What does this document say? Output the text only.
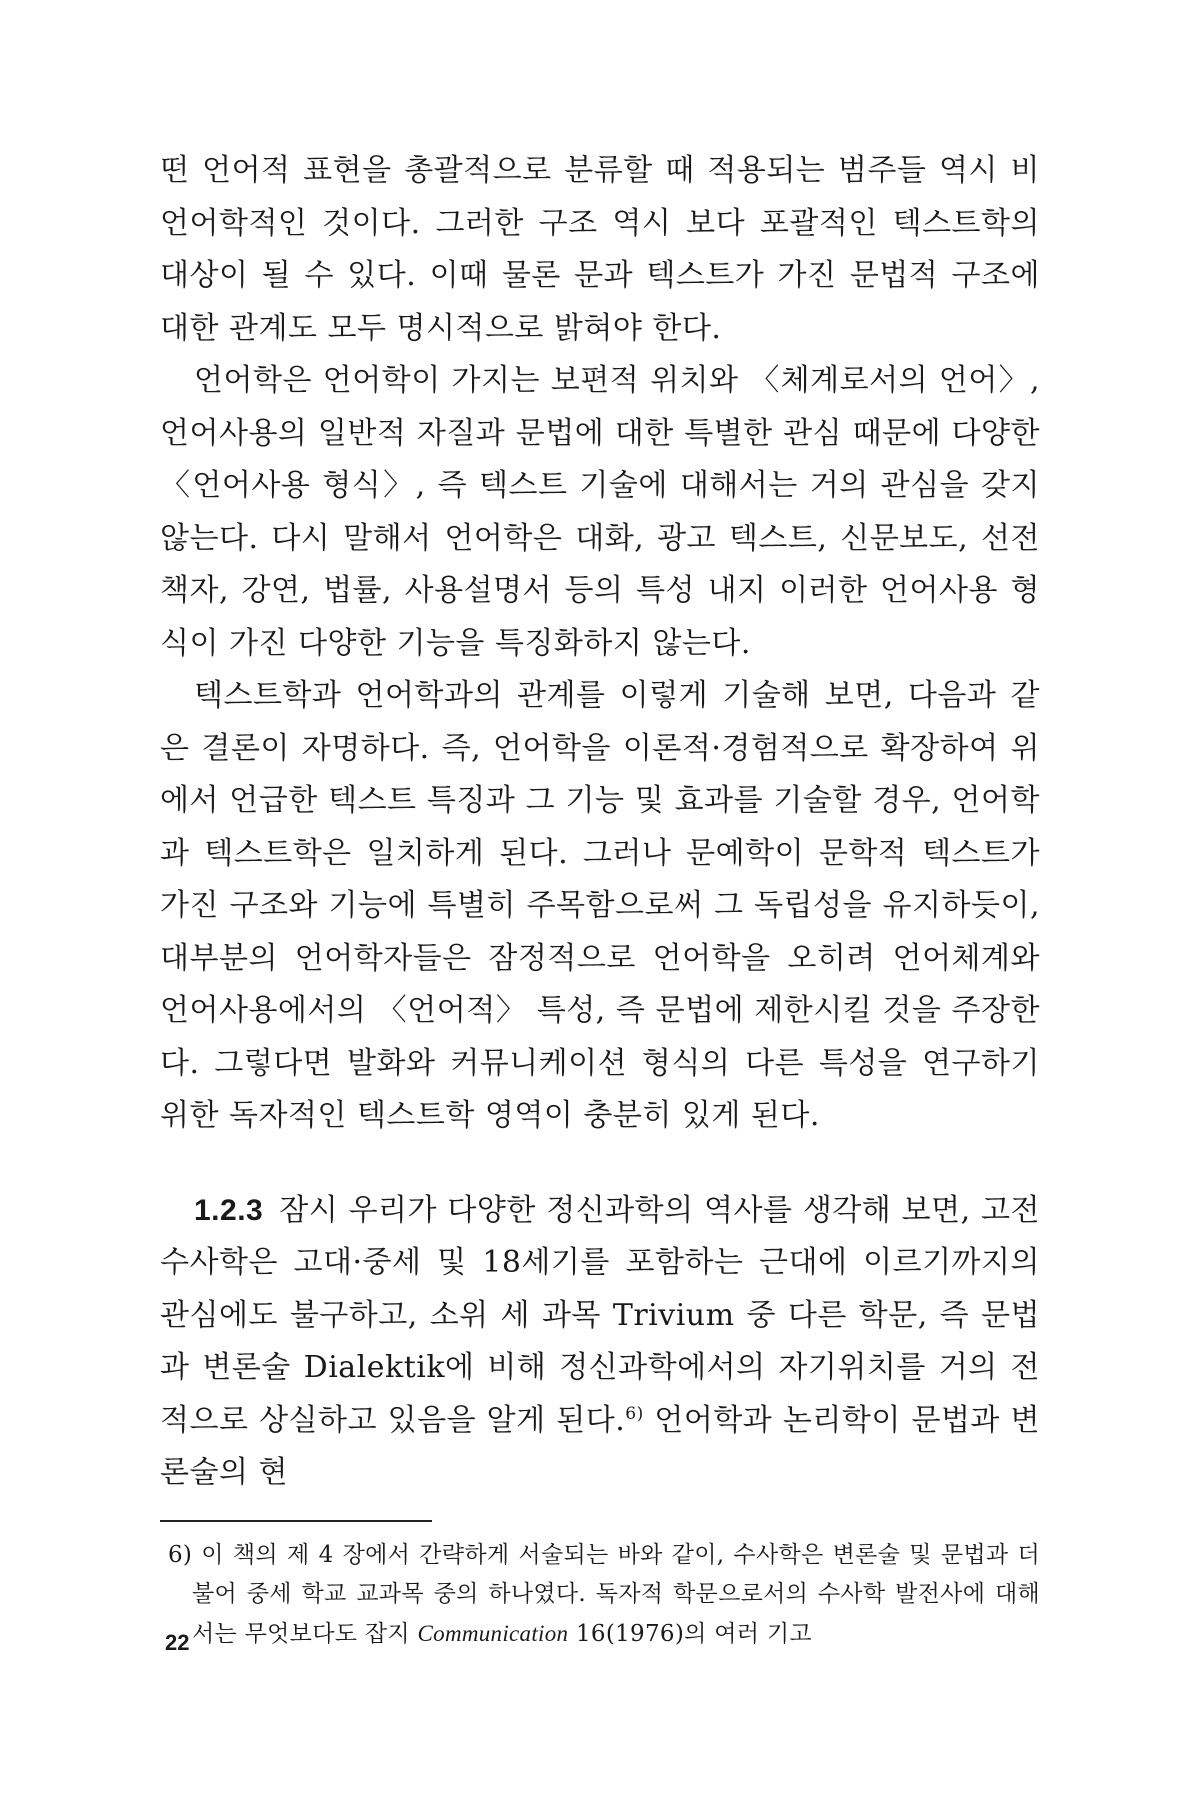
떤 언어적 표현을 총괄적으로 분류할 때 적용되는 범주들 역시 비언어학적인 것이다. 그러한 구조 역시 보다 포괄적인 텍스트학의 대상이 될 수 있다. 이때 물론 문과 텍스트가 가진 문법적 구조에 대한 관계도 모두 명시적으로 밝혀야 한다.

언어학은 언어학이 가지는 보편적 위치와 〈체계로서의 언어〉, 언어사용의 일반적 자질과 문법에 대한 특별한 관심 때문에 다양한 〈언어사용 형식〉, 즉 텍스트 기술에 대해서는 거의 관심을 갖지 않는다. 다시 말해서 언어학은 대화, 광고 텍스트, 신문보도, 선전책자, 강연, 법률, 사용설명서 등의 특성 내지 이러한 언어사용 형식이 가진 다양한 기능을 특징화하지 않는다.

텍스트학과 언어학과의 관계를 이렇게 기술해 보면, 다음과 같은 결론이 자명하다. 즉, 언어학을 이론적·경험적으로 확장하여 위에서 언급한 텍스트 특징과 그 기능 및 효과를 기술할 경우, 언어학과 텍스트학은 일치하게 된다. 그러나 문예학이 문학적 텍스트가 가진 구조와 기능에 특별히 주목함으로써 그 독립성을 유지하듯이, 대부분의 언어학자들은 잠정적으로 언어학을 오히려 언어체계와 언어사용에서의 〈언어적〉 특성, 즉 문법에 제한시킬 것을 주장한다. 그렇다면 발화와 커뮤니케이션 형식의 다른 특성을 연구하기 위한 독자적인 텍스트학 영역이 충분히 있게 된다.

1.2.3 잠시 우리가 다양한 정신과학의 역사를 생각해 보면, 고전수사학은 고대·중세 및 18세기를 포함하는 근대에 이르기까지의 관심에도 불구하고, 소위 세 과목 Trivium 중 다른 학문, 즉 문법과 변론술 Dialektik에 비해 정신과학에서의 자기위치를 거의 전적으로 상실하고 있음을 알게 된다.$^{6)}$ 언어학과 논리학이 문법과 변론술의 현

6) 이 책의 제 4 장에서 간략하게 서술되는 바와 같이, 수사학은 변론술 및 문법과 더불어 중세 학교 교과목 중의 하나였다. 독자적 학문으로서의 수사학 발전사에 대해서는 무엇보다도 잡지 Communication 16(1976)의 여러 기고
22
